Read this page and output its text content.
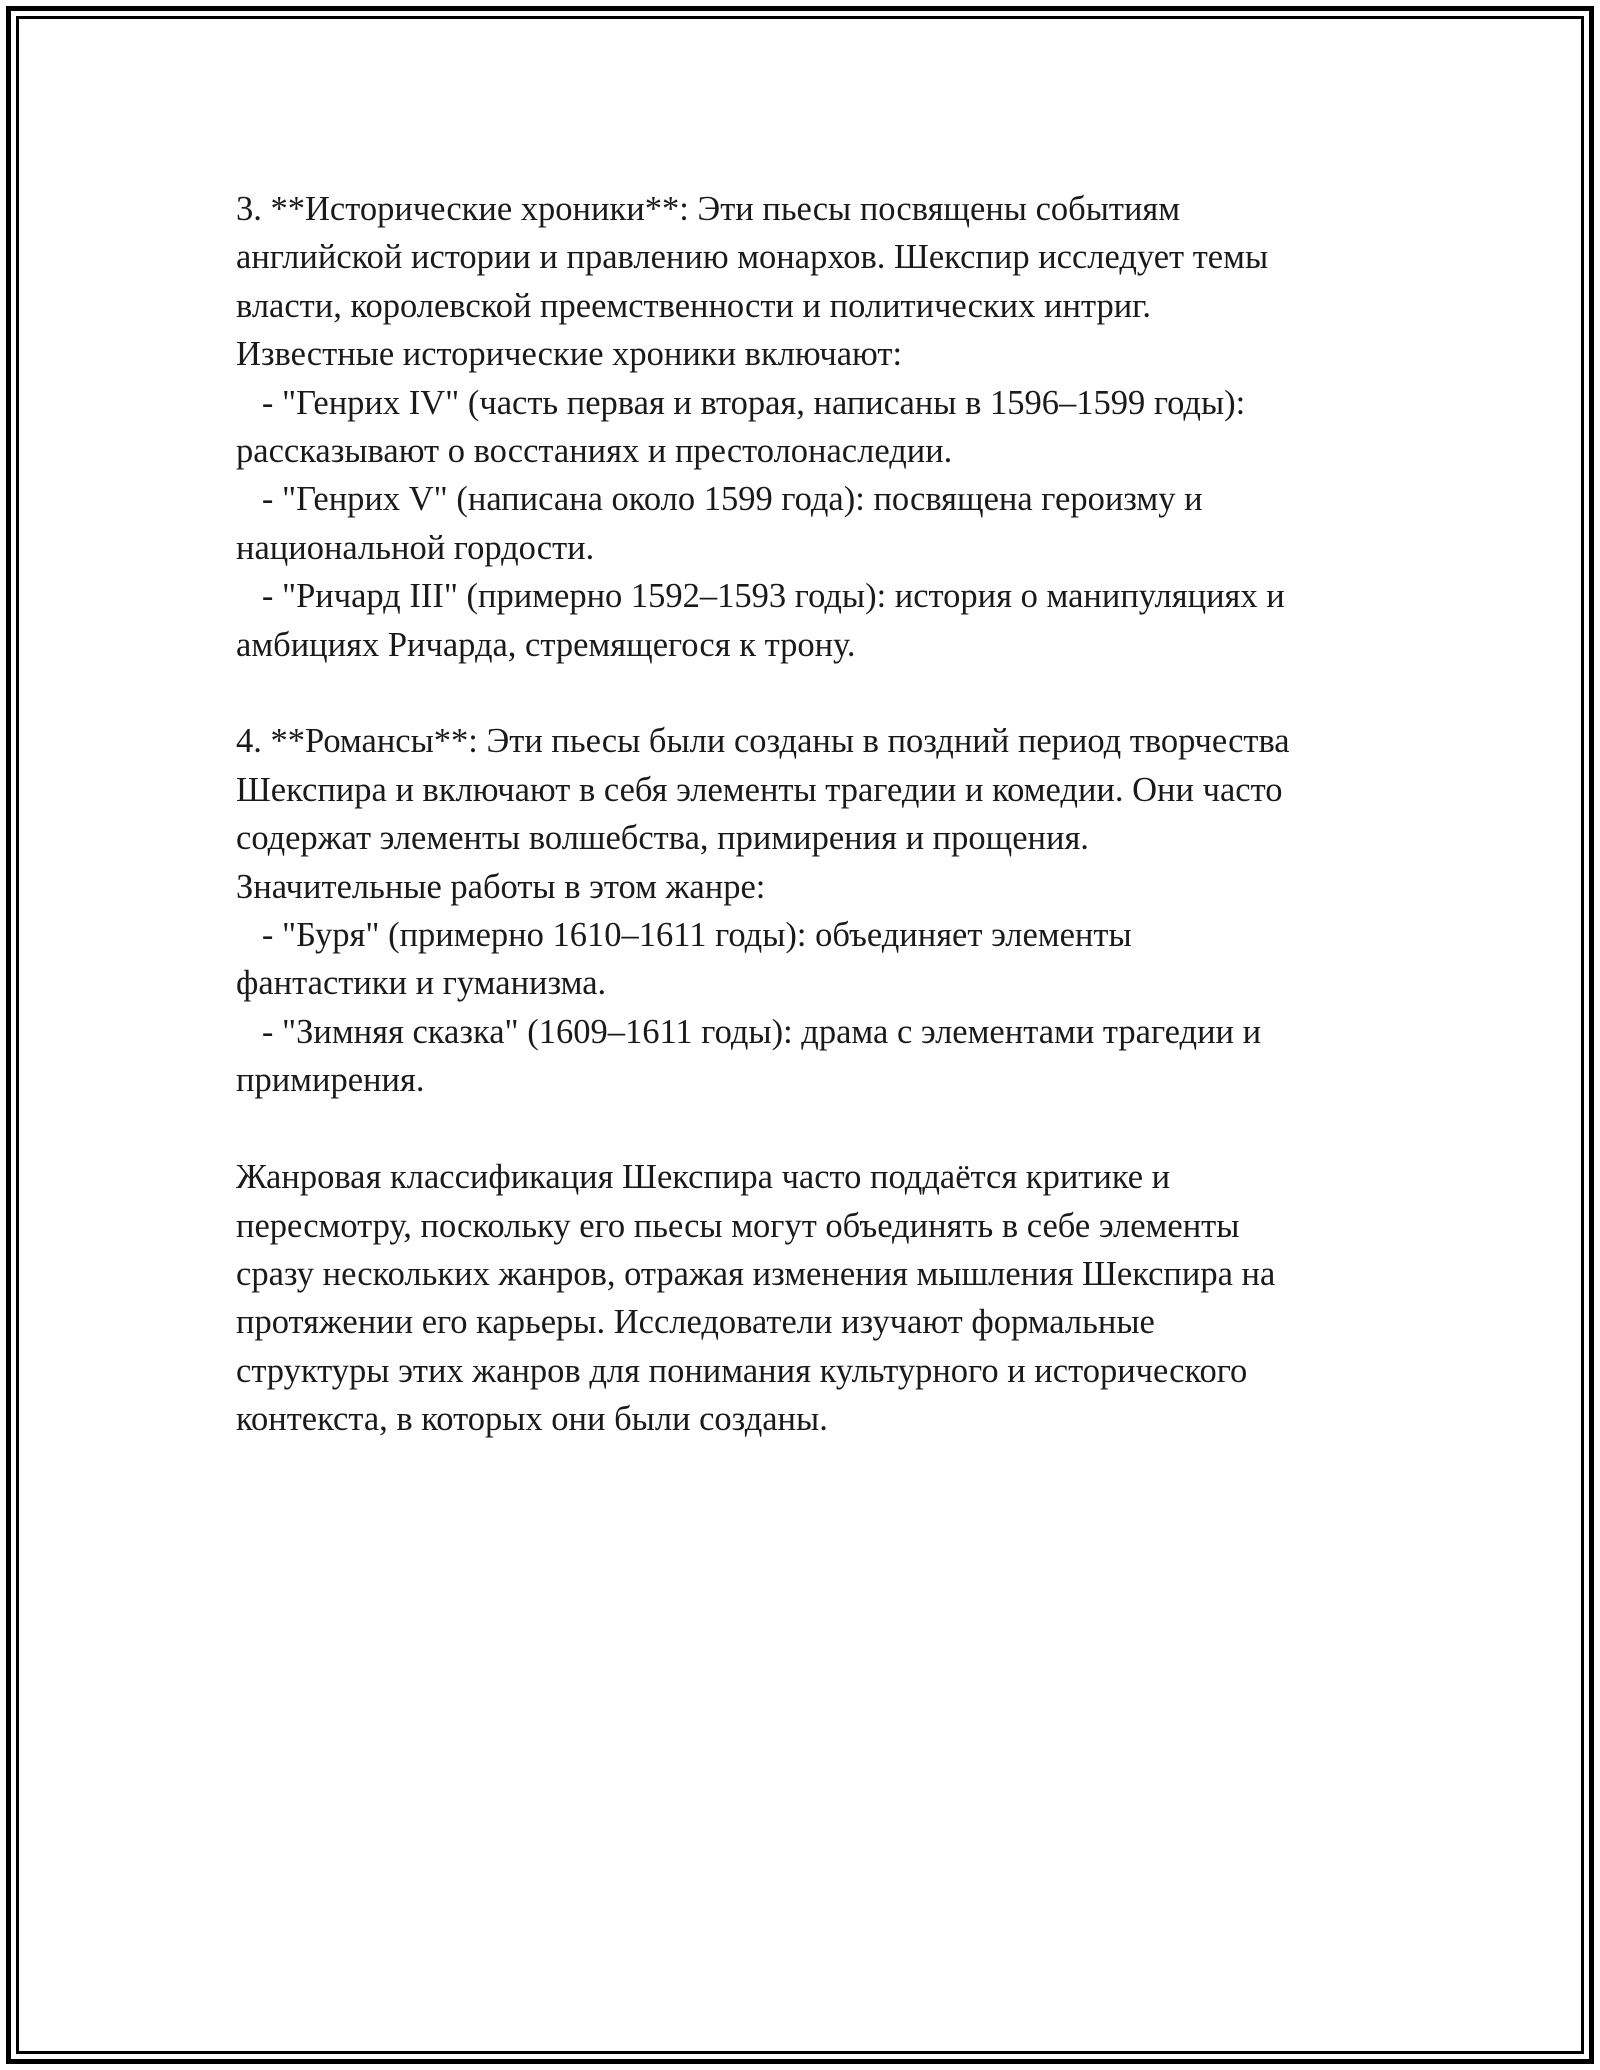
3. **Исторические хроники**: Эти пьесы посвящены событиям
английской истории и правлению монархов. Шекспир исследует темы
власти, королевской преемственности и политических интриг.
Известные исторические хроники включают:
- "Генрих IV" (часть первая и вторая, написаны в 1596–1599 годы):
рассказывают о восстаниях и престолонаследии.
- "Генрих V" (написана около 1599 года): посвящена героизму и
национальной гордости.
- "Ричард III" (примерно 1592–1593 годы): история о манипуляциях и
амбициях Ричарда, стремящегося к трону.
4. **Романсы**: Эти пьесы были созданы в поздний период творчества
Шекспира и включают в себя элементы трагедии и комедии. Они часто
содержат элементы волшебства, примирения и прощения.
Значительные работы в этом жанре:
- "Буря" (примерно 1610–1611 годы): объединяет элементы
фантастики и гуманизма.
- "Зимняя сказка" (1609–1611 годы): драма с элементами трагедии и
примирения.
Жанровая классификация Шекспира часто поддаётся критике и
пересмотру, поскольку его пьесы могут объединять в себе элементы
сразу нескольких жанров, отражая изменения мышления Шекспира на
протяжении его карьеры. Исследователи изучают формальные
структуры этих жанров для понимания культурного и исторического
контекста, в которых они были созданы.
